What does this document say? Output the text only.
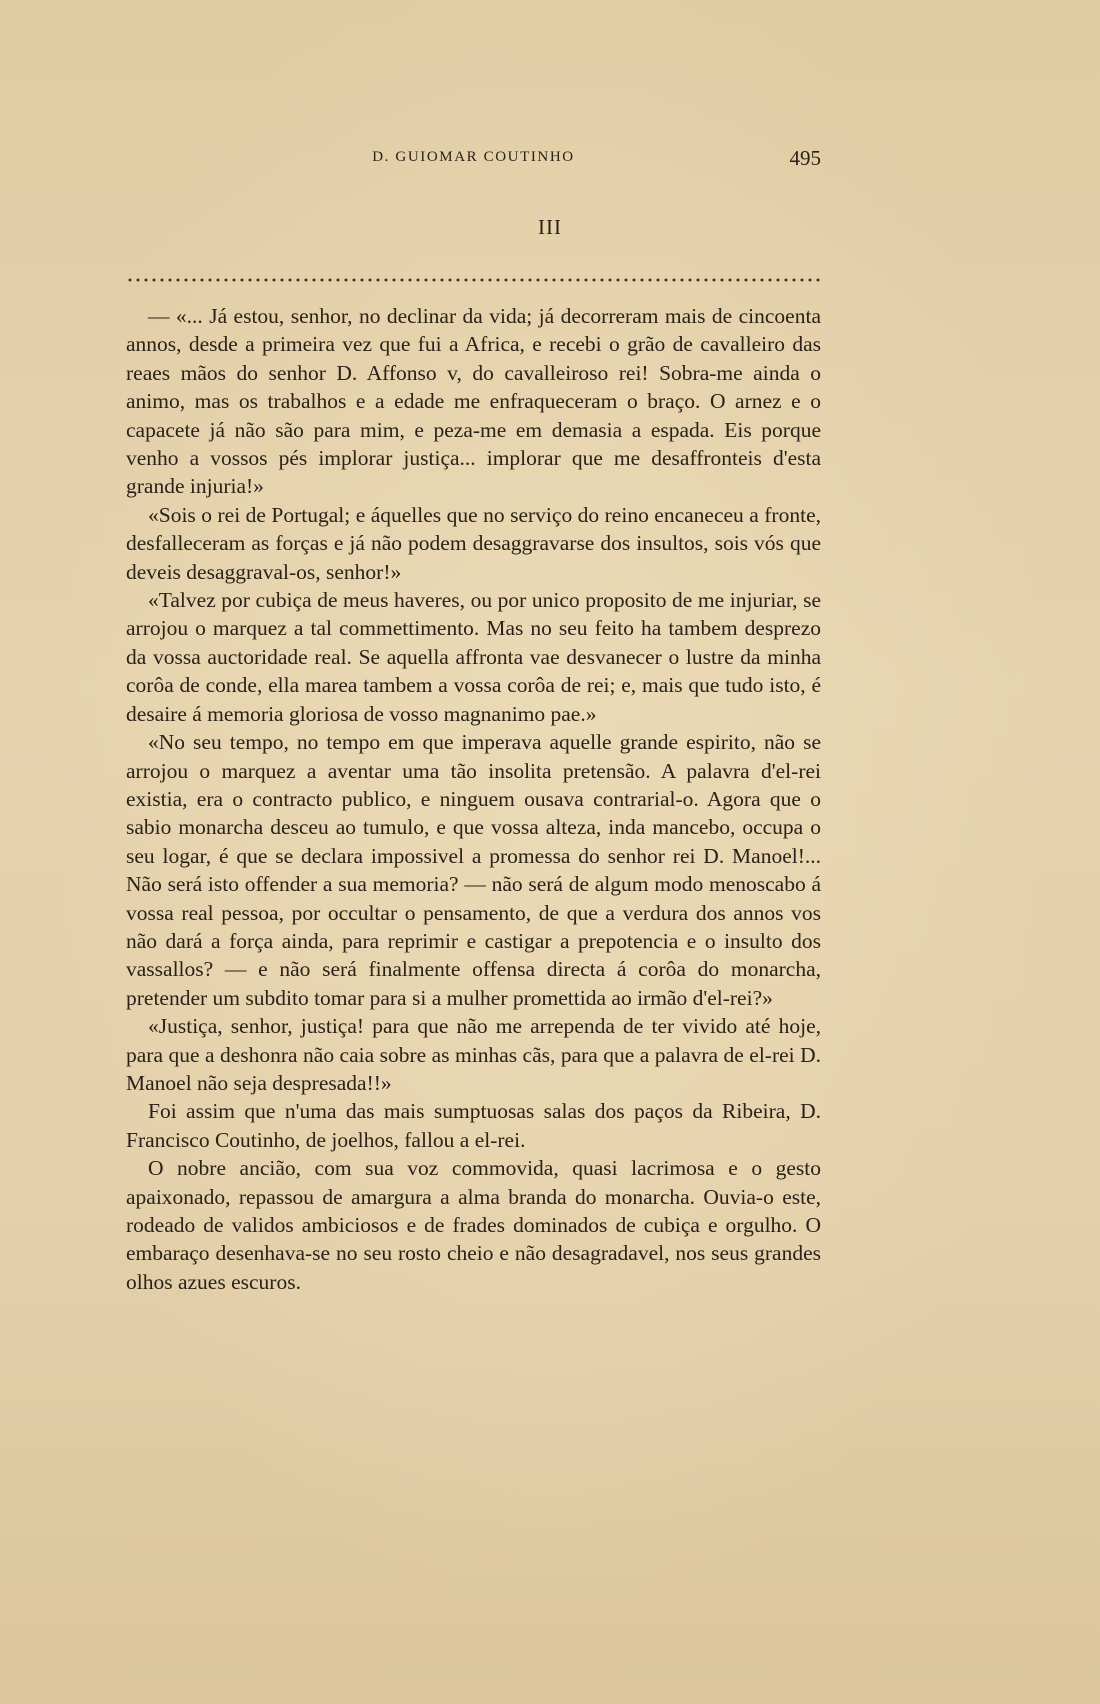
D. GUIOMAR COUTINHO	495
III

— «... Já estou, senhor, no declinar da vida; já decorreram mais de cincoenta annos, desde a primeira vez que fui a Africa, e recebi o grão de cavalleiro das reaes mãos do senhor D. Affonso v, do cavalleiroso rei! Sobra-me ainda o animo, mas os trabalhos e a edade me enfraqueceram o braço. O arnez e o capacete já não são para mim, e peza-me em demasia a espada. Eis porque venho a vossos pés implorar justiça... implorar que me desaffronteis d'esta grande injuria!»

«Sois o rei de Portugal; e áquelles que no serviço do reino encaneceu a fronte, desfalleceram as forças e já não podem desaggravarse dos insultos, sois vós que deveis desaggraval-os, senhor!»

«Talvez por cubiça de meus haveres, ou por unico proposito de me injuriar, se arrojou o marquez a tal commettimento. Mas no seu feito ha tambem desprezo da vossa auctoridade real. Se aquella affronta vae desvanecer o lustre da minha corôa de conde, ella marea tambem a vossa corôa de rei; e, mais que tudo isto, é desaire á memoria gloriosa de vosso magnanimo pae.»

«No seu tempo, no tempo em que imperava aquelle grande espirito, não se arrojou o marquez a aventar uma tão insolita pretensão. A palavra d'el-rei existia, era o contracto publico, e ninguem ousava contrarial-o. Agora que o sabio monarcha desceu ao tumulo, e que vossa alteza, inda mancebo, occupa o seu logar, é que se declara impossivel a promessa do senhor rei D. Manoel!... Não será isto offender a sua memoria? — não será de algum modo menoscabo á vossa real pessoa, por occultar o pensamento, de que a verdura dos annos vos não dará a força ainda, para reprimir e castigar a prepotencia e o insulto dos vassallos? — e não será finalmente offensa directa á corôa do monarcha, pretender um subdito tomar para si a mulher promettida ao irmão d'el-rei?»

«Justiça, senhor, justiça! para que não me arrependa de ter vivido até hoje, para que a deshonra não caia sobre as minhas cãs, para que a palavra de el-rei D. Manoel não seja despresada!!»

Foi assim que n'uma das mais sumptuosas salas dos paços da Ribeira, D. Francisco Coutinho, de joelhos, fallou a el-rei.

O nobre ancião, com sua voz commovida, quasi lacrimosa e o gesto apaixonado, repassou de amargura a alma branda do monarcha. Ouvia-o este, rodeado de validos ambiciosos e de frades dominados de cubiça e orgulho. O embaraço desenhava-se no seu rosto cheio e não desagradavel, nos seus grandes olhos azues escuros.
